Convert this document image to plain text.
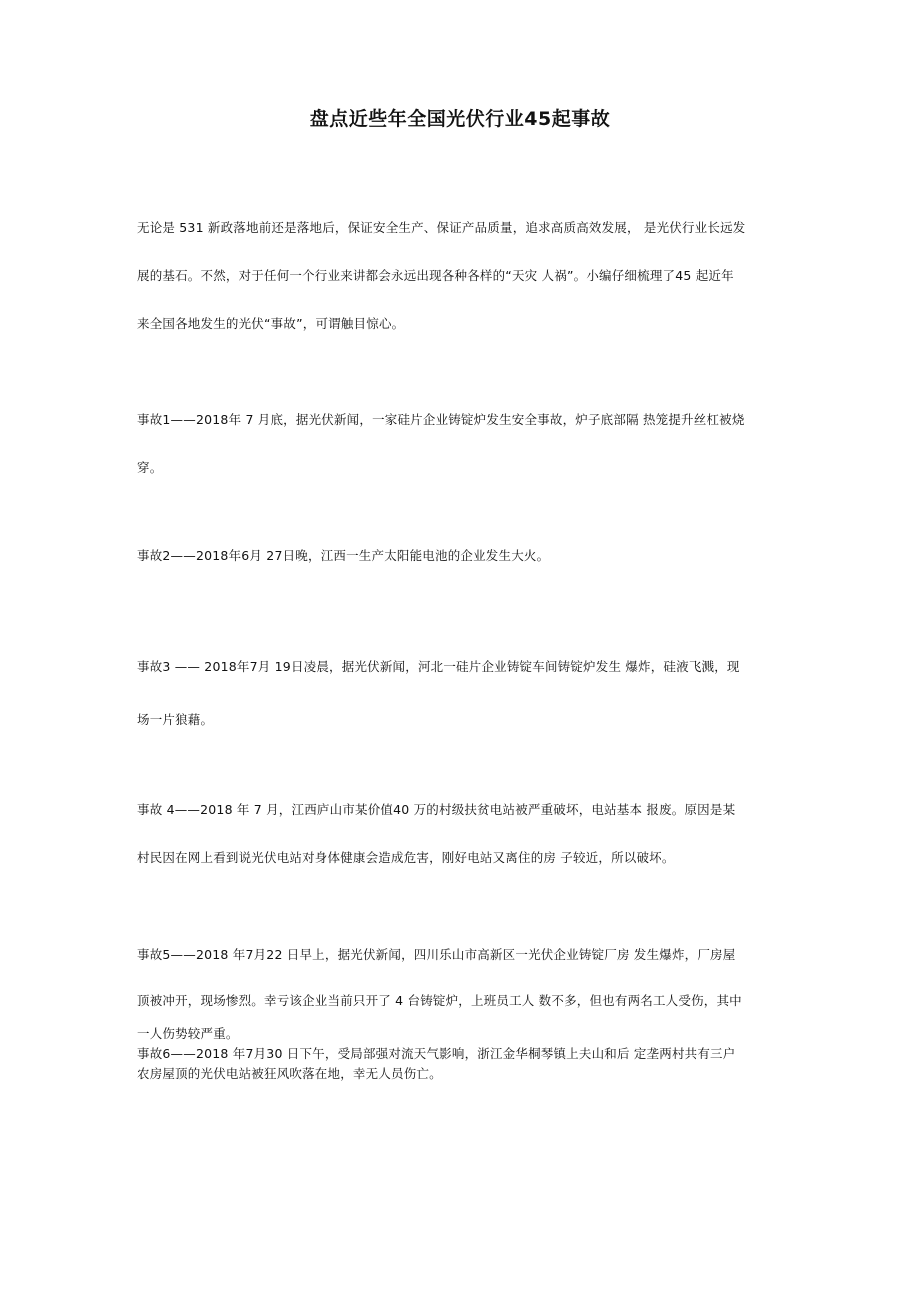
盘点近些年全国光伏行业45起事故

无论是 531 新政落地前还是落地后，保证安全生产、保证产品质量，追求高质高效发展， 是光伏行业长远发
展的基石。不然，对于任何一个行业来讲都会永远出现各种各样的“天灾 人祸”。小编仔细梳理了45 起近年
来全国各地发生的光伏“事故”，可谓触目惊心。

事故1——2018年 7 月底，据光伏新闻，一家硅片企业铸锭炉发生安全事故，炉子底部隔 热笼提升丝杠被烧
穿。

事故2——2018年6月 27日晚，江西一生产太阳能电池的企业发生大火。

事故3 —— 2018年7月 19日凌晨，据光伏新闻，河北一硅片企业铸锭车间铸锭炉发生 爆炸，硅液飞溅，现
场一片狼藉。

事故 4——2018 年 7 月，江西庐山市某价值40 万的村级扶贫电站被严重破坏，电站基本 报废。原因是某
村民因在网上看到说光伏电站对身体健康会造成危害，刚好电站又离住的房 子较近，所以破坏。

事故5——2018 年7月22 日早上，据光伏新闻，四川乐山市高新区一光伏企业铸锭厂房 发生爆炸，厂房屋
顶被冲开，现场惨烈。幸亏该企业当前只开了 4 台铸锭炉，上班员工人 数不多，但也有两名工人受伤，其中

一人伤势较严重。

事故6——2018 年7月30 日下午，受局部强对流天气影响，浙江金华桐琴镇上夫山和后 定垄两村共有三户
农房屋顶的光伏电站被狂风吹落在地，幸无人员伤亡。
